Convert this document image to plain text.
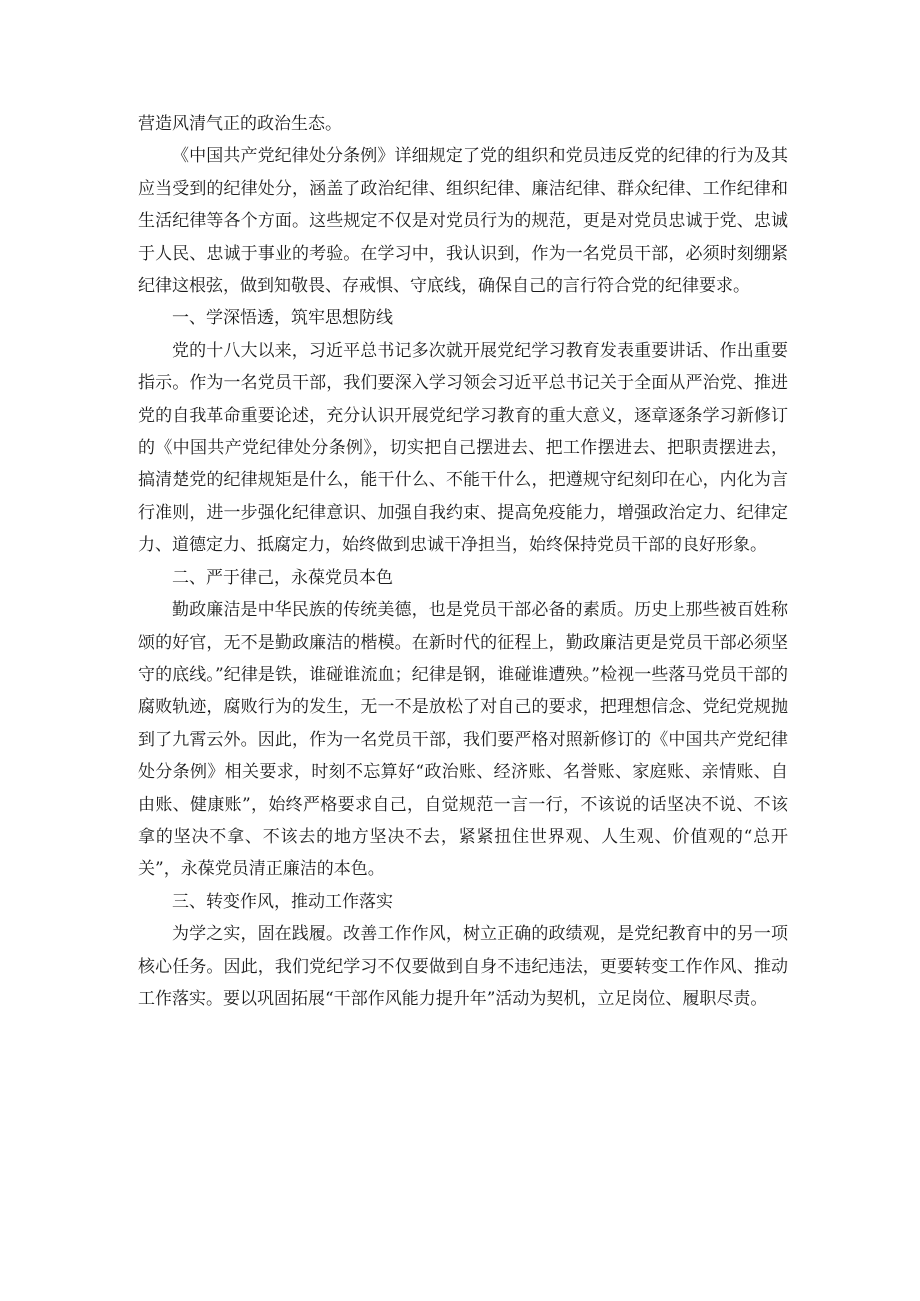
营造风清气正的政治生态。

《中国共产党纪律处分条例》详细规定了党的组织和党员违反党的纪律的行为及其应当受到的纪律处分，涵盖了政治纪律、组织纪律、廉洁纪律、群众纪律、工作纪律和生活纪律等各个方面。这些规定不仅是对党员行为的规范，更是对党员忠诚于党、忠诚于人民、忠诚于事业的考验。在学习中，我认识到，作为一名党员干部，必须时刻绷紧纪律这根弦，做到知敬畏、存戒惧、守底线，确保自己的言行符合党的纪律要求。

一、学深悟透，筑牢思想防线

党的十八大以来，习近平总书记多次就开展党纪学习教育发表重要讲话、作出重要指示。作为一名党员干部，我们要深入学习领会习近平总书记关于全面从严治党、推进党的自我革命重要论述，充分认识开展党纪学习教育的重大意义，逐章逐条学习新修订的《中国共产党纪律处分条例》，切实把自己摆进去、把工作摆进去、把职责摆进去，搞清楚党的纪律规矩是什么，能干什么、不能干什么，把遵规守纪刻印在心，内化为言行准则，进一步强化纪律意识、加强自我约束、提高免疫能力，增强政治定力、纪律定力、道德定力、抵腐定力，始终做到忠诚干净担当，始终保持党员干部的良好形象。

二、严于律己，永葆党员本色

勤政廉洁是中华民族的传统美德，也是党员干部必备的素质。历史上那些被百姓称颂的好官，无不是勤政廉洁的楷模。在新时代的征程上，勤政廉洁更是党员干部必须坚守的底线。”纪律是铁，谁碰谁流血；纪律是钢，谁碰谁遭殃。”检视一些落马党员干部的腐败轨迹，腐败行为的发生，无一不是放松了对自己的要求，把理想信念、党纪党规抛到了九霄云外。因此，作为一名党员干部，我们要严格对照新修订的《中国共产党纪律处分条例》相关要求，时刻不忘算好“政治账、经济账、名誉账、家庭账、亲情账、自由账、健康账”，始终严格要求自己，自觉规范一言一行，不该说的话坚决不说、不该拿的坚决不拿、不该去的地方坚决不去，紧紧扭住世界观、人生观、价值观的“总开关”，永葆党员清正廉洁的本色。

三、转变作风，推动工作落实

为学之实，固在践履。改善工作作风，树立正确的政绩观，是党纪教育中的另一项核心任务。因此，我们党纪学习不仅要做到自身不违纪违法，更要转变工作作风、推动工作落实。要以巩固拓展“干部作风能力提升年”活动为契机，立足岗位、履职尽责。
